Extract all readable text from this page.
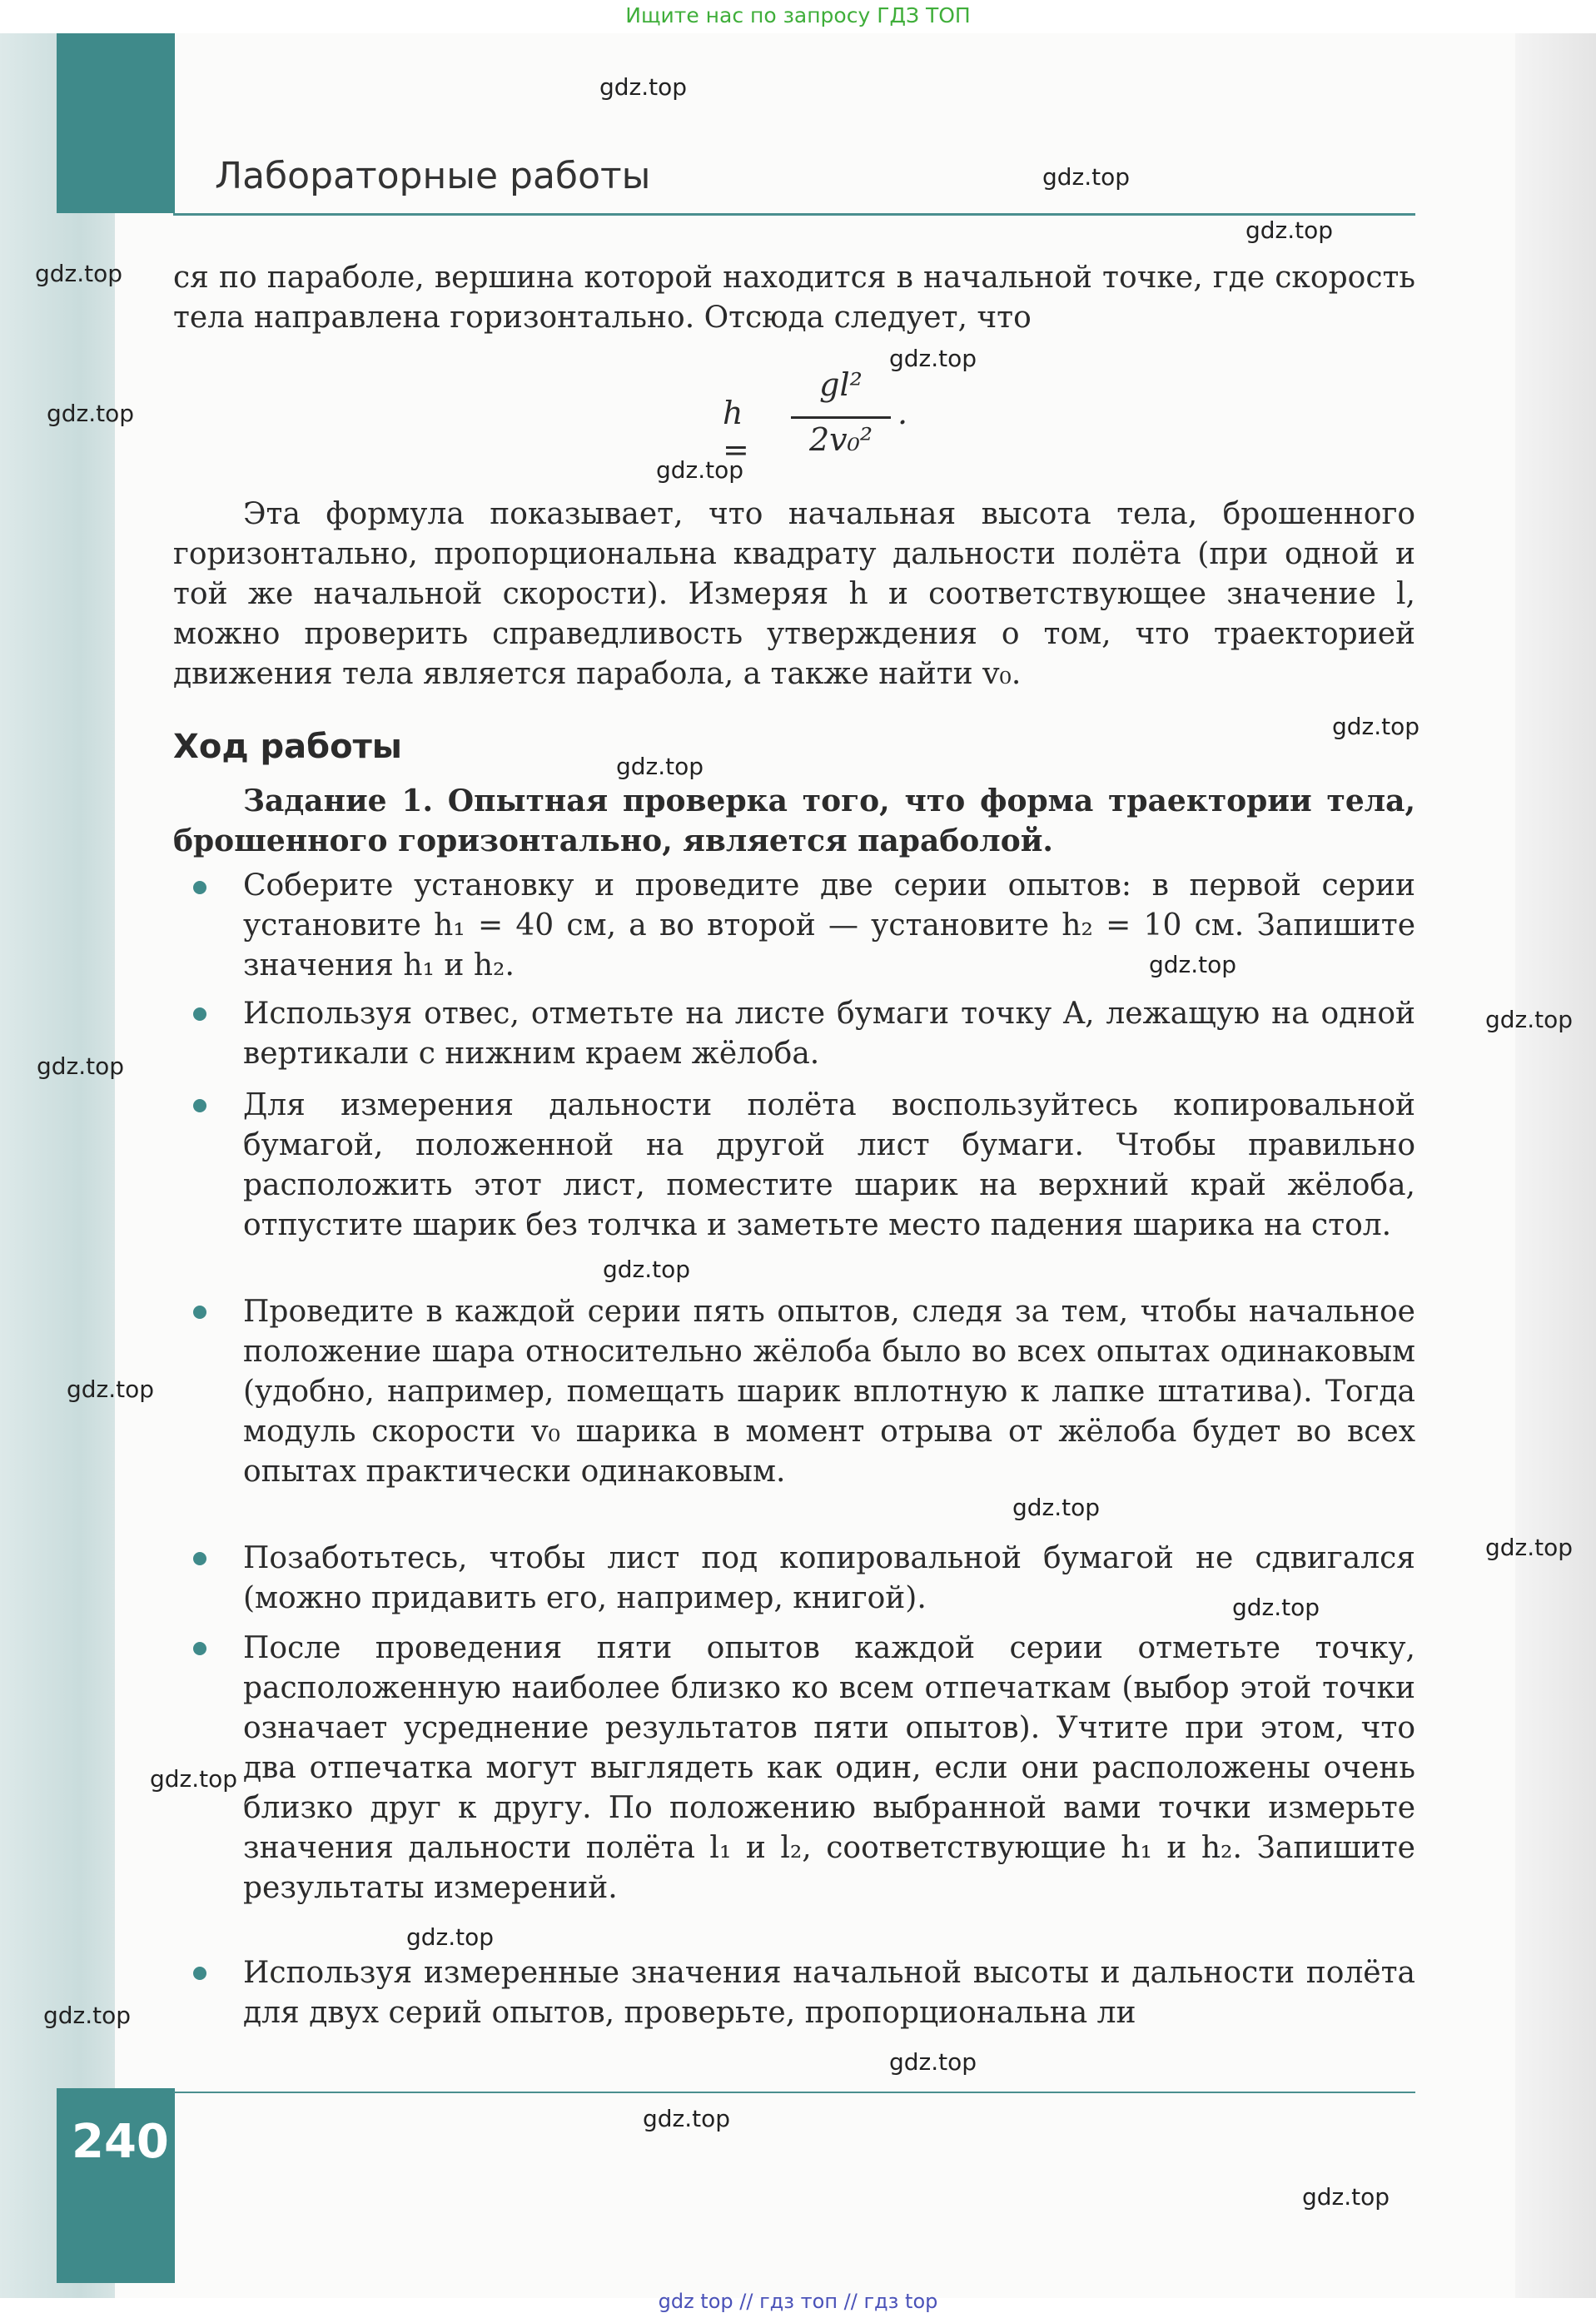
Ищите нас по запросу ГДЗ ТОП
Лабораторные работы
ся по параболе, вершина которой находится в начальной точке, где скорость тела направлена горизонтально. Отсюда следует, что
h =
gl²
2v₀²
.
Эта формула показывает, что начальная высота тела, брошенного горизонтально, пропорциональна квадрату дальности полёта (при одной и той же начальной скорости). Измеряя h и соответствующее значение l, можно проверить справедливость утверждения о том, что траекторией движения тела является парабола, а также найти v₀.
Ход работы
Задание 1. Опытная проверка того, что форма траектории тела, брошенного горизонтально, является параболой.
Соберите установку и проведите две серии опытов: в первой серии установите h₁ = 40 см, а во второй — установите h₂ = 10 см. Запишите значения h₁ и h₂.
Используя отвес, отметьте на листе бумаги точку A, лежащую на одной вертикали с нижним краем жёлоба.
Для измерения дальности полёта воспользуйтесь копировальной бумагой, положенной на другой лист бумаги. Чтобы правильно расположить этот лист, поместите шарик на верхний край жёлоба, отпустите шарик без толчка и заметьте место падения шарика на стол.
Проведите в каждой серии пять опытов, следя за тем, чтобы начальное положение шара относительно жёлоба было во всех опытах одинаковым (удобно, например, помещать шарик вплотную к лапке штатива). Тогда модуль скорости v₀ шарика в момент отрыва от жёлоба будет во всех опытах практически одинаковым.
Позаботьтесь, чтобы лист под копировальной бумагой не сдвигался (можно придавить его, например, книгой).
После проведения пяти опытов каждой серии отметьте точку, расположенную наиболее близко ко всем отпечаткам (выбор этой точки означает усреднение результатов пяти опытов). Учтите при этом, что два отпечатка могут выглядеть как один, если они расположены очень близко друг к другу. По положению выбранной вами точки измерьте значения дальности полёта l₁ и l₂, соответствующие h₁ и h₂. Запишите результаты измерений.
Используя измеренные значения начальной высоты и дальности полёта для двух серий опытов, проверьте, пропорциональна ли
240
gdz.top
gdz.top
gdz.top
gdz.top
gdz.top
gdz.top
gdz.top
gdz.top
gdz.top
gdz.top
gdz.top
gdz.top
gdz.top
gdz.top
gdz.top
gdz.top
gdz.top
gdz.top
gdz.top
gdz.top
gdz.top
gdz.top
gdz.top
gdz top // гдз топ // гдз top
